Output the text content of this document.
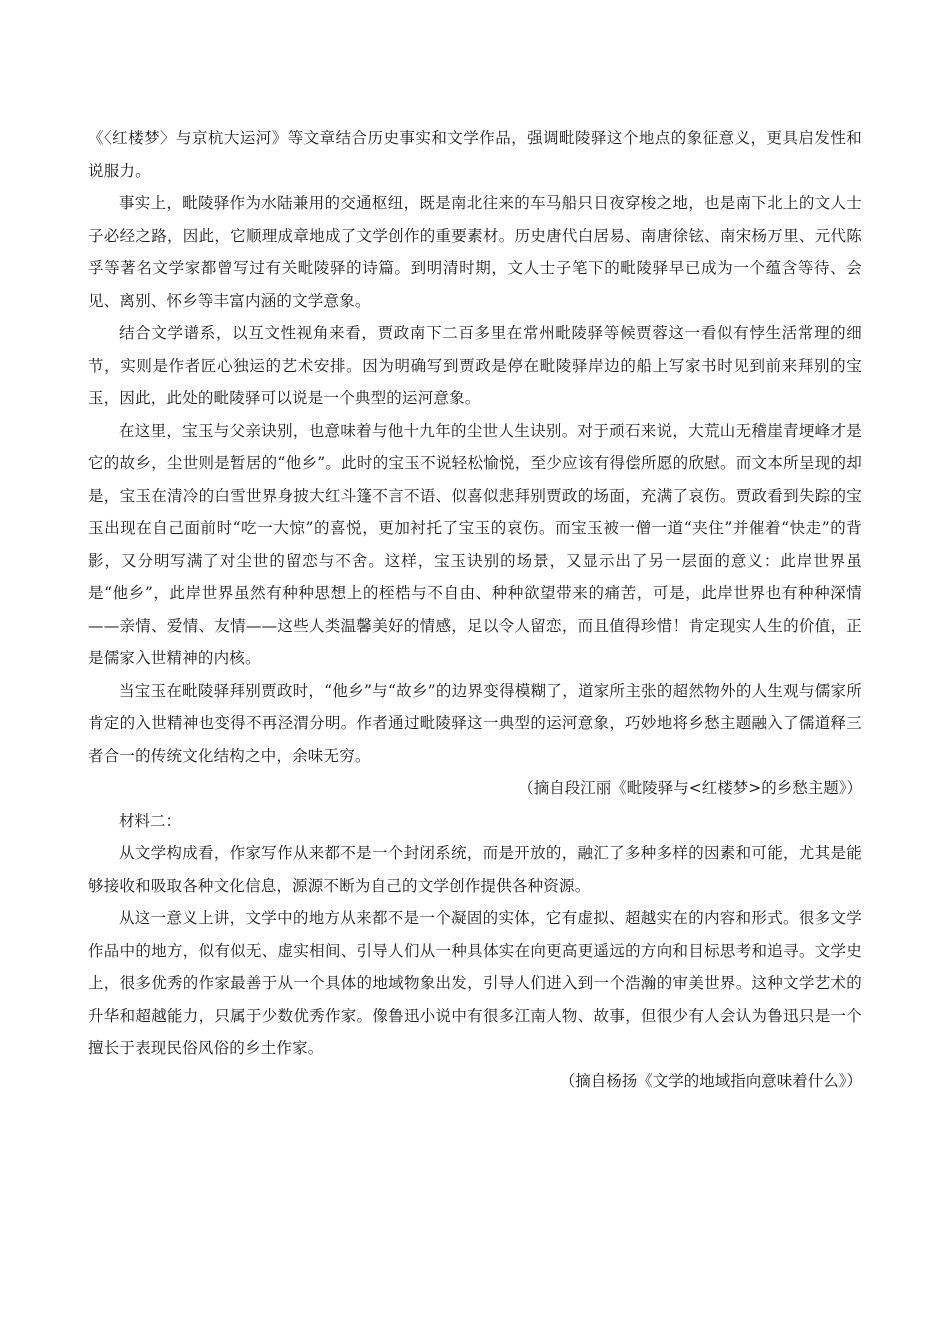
《〈红楼梦〉与京杭大运河》等文章结合历史事实和文学作品，强调毗陵驿这个地点的象征意义，更具启发性和说服力。

事实上，毗陵驿作为水陆兼用的交通枢纽，既是南北往来的车马船只日夜穿梭之地，也是南下北上的文人士子必经之路，因此，它顺理成章地成了文学创作的重要素材。历史唐代白居易、南唐徐铉、南宋杨万里、元代陈孚等著名文学家都曾写过有关毗陵驿的诗篇。到明清时期，文人士子笔下的毗陵驿早已成为一个蕴含等待、会见、离别、怀乡等丰富内涵的文学意象。

结合文学谱系，以互文性视角来看，贾政南下二百多里在常州毗陵驿等候贾蓉这一看似有悖生活常理的细节，实则是作者匠心独运的艺术安排。因为明确写到贾政是停在毗陵驿岸边的船上写家书时见到前来拜别的宝玉，因此，此处的毗陵驿可以说是一个典型的运河意象。

在这里，宝玉与父亲诀别，也意味着与他十九年的尘世人生诀别。对于顽石来说，大荒山无稽崖青埂峰才是它的故乡，尘世则是暂居的“他乡”。此时的宝玉不说轻松愉悦，至少应该有得偿所愿的欣慰。而文本所呈现的却是，宝玉在清冷的白雪世界身披大红斗篷不言不语、似喜似悲拜别贾政的场面，充满了哀伤。贾政看到失踪的宝玉出现在自己面前时“吃一大惊”的喜悦，更加衬托了宝玉的哀伤。而宝玉被一僧一道“夹住”并催着“快走”的背影，又分明写满了对尘世的留恋与不舍。这样，宝玉诀别的场景，又显示出了另一层面的意义：此岸世界虽是“他乡”，此岸世界虽然有种种思想上的桎梏与不自由、种种欲望带来的痛苦，可是，此岸世界也有种种深情——亲情、爱情、友情——这些人类温馨美好的情感，足以令人留恋，而且值得珍惜！肯定现实人生的价值，正是儒家入世精神的内核。

当宝玉在毗陵驿拜别贾政时，“他乡”与“故乡”的边界变得模糊了，道家所主张的超然物外的人生观与儒家所肯定的入世精神也变得不再泾渭分明。作者通过毗陵驿这一典型的运河意象，巧妙地将乡愁主题融入了儒道释三者合一的传统文化结构之中，余味无穷。

（摘自段江丽《毗陵驿与<红楼梦>的乡愁主题》）

材料二：

从文学构成看，作家写作从来都不是一个封闭系统，而是开放的，融汇了多种多样的因素和可能，尤其是能够接收和吸取各种文化信息，源源不断为自己的文学创作提供各种资源。

从这一意义上讲，文学中的地方从来都不是一个凝固的实体，它有虚拟、超越实在的内容和形式。很多文学作品中的地方，似有似无、虚实相间、引导人们从一种具体实在向更高更遥远的方向和目标思考和追寻。文学史上，很多优秀的作家最善于从一个具体的地域物象出发，引导人们进入到一个浩瀚的审美世界。这种文学艺术的升华和超越能力，只属于少数优秀作家。像鲁迅小说中有很多江南人物、故事，但很少有人会认为鲁迅只是一个擅长于表现民俗风俗的乡土作家。

（摘自杨扬《文学的地域指向意味着什么》）
